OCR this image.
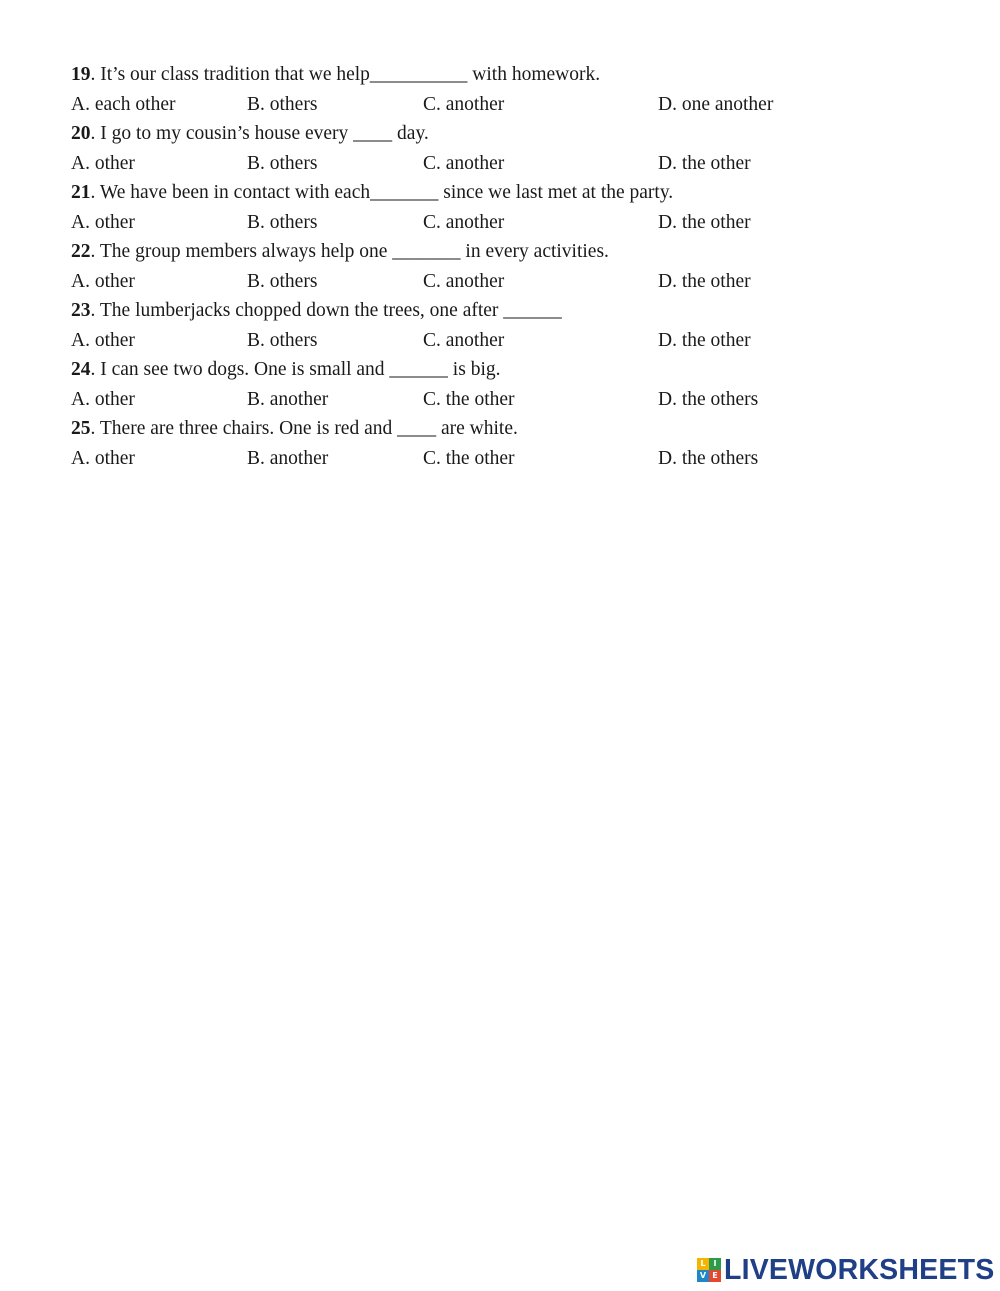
19. It’s our class tradition that we help__________ with homework.
A. each other	B. others	C. another	D. one another
20. I go to my cousin’s house every ____ day.
A. other	B. others	C. another	D. the other
21. We have been in contact with each_______ since we last met at the party.
A. other	B. others	C. another	D. the other
22. The group members always help one _______ in every activities.
A. other	B. others	C. another	D. the other
23. The lumberjacks chopped down the trees, one after ______
A. other	B. others	C. another	D. the other
24. I can see two dogs. One is small and ______ is big.
A. other	B. another	C. the other	D. the others
25. There are three chairs. One is red and ____ are white.
A. other	B. another	C. the other	D. the others
L I
V E LIVEWORKSHEETS
